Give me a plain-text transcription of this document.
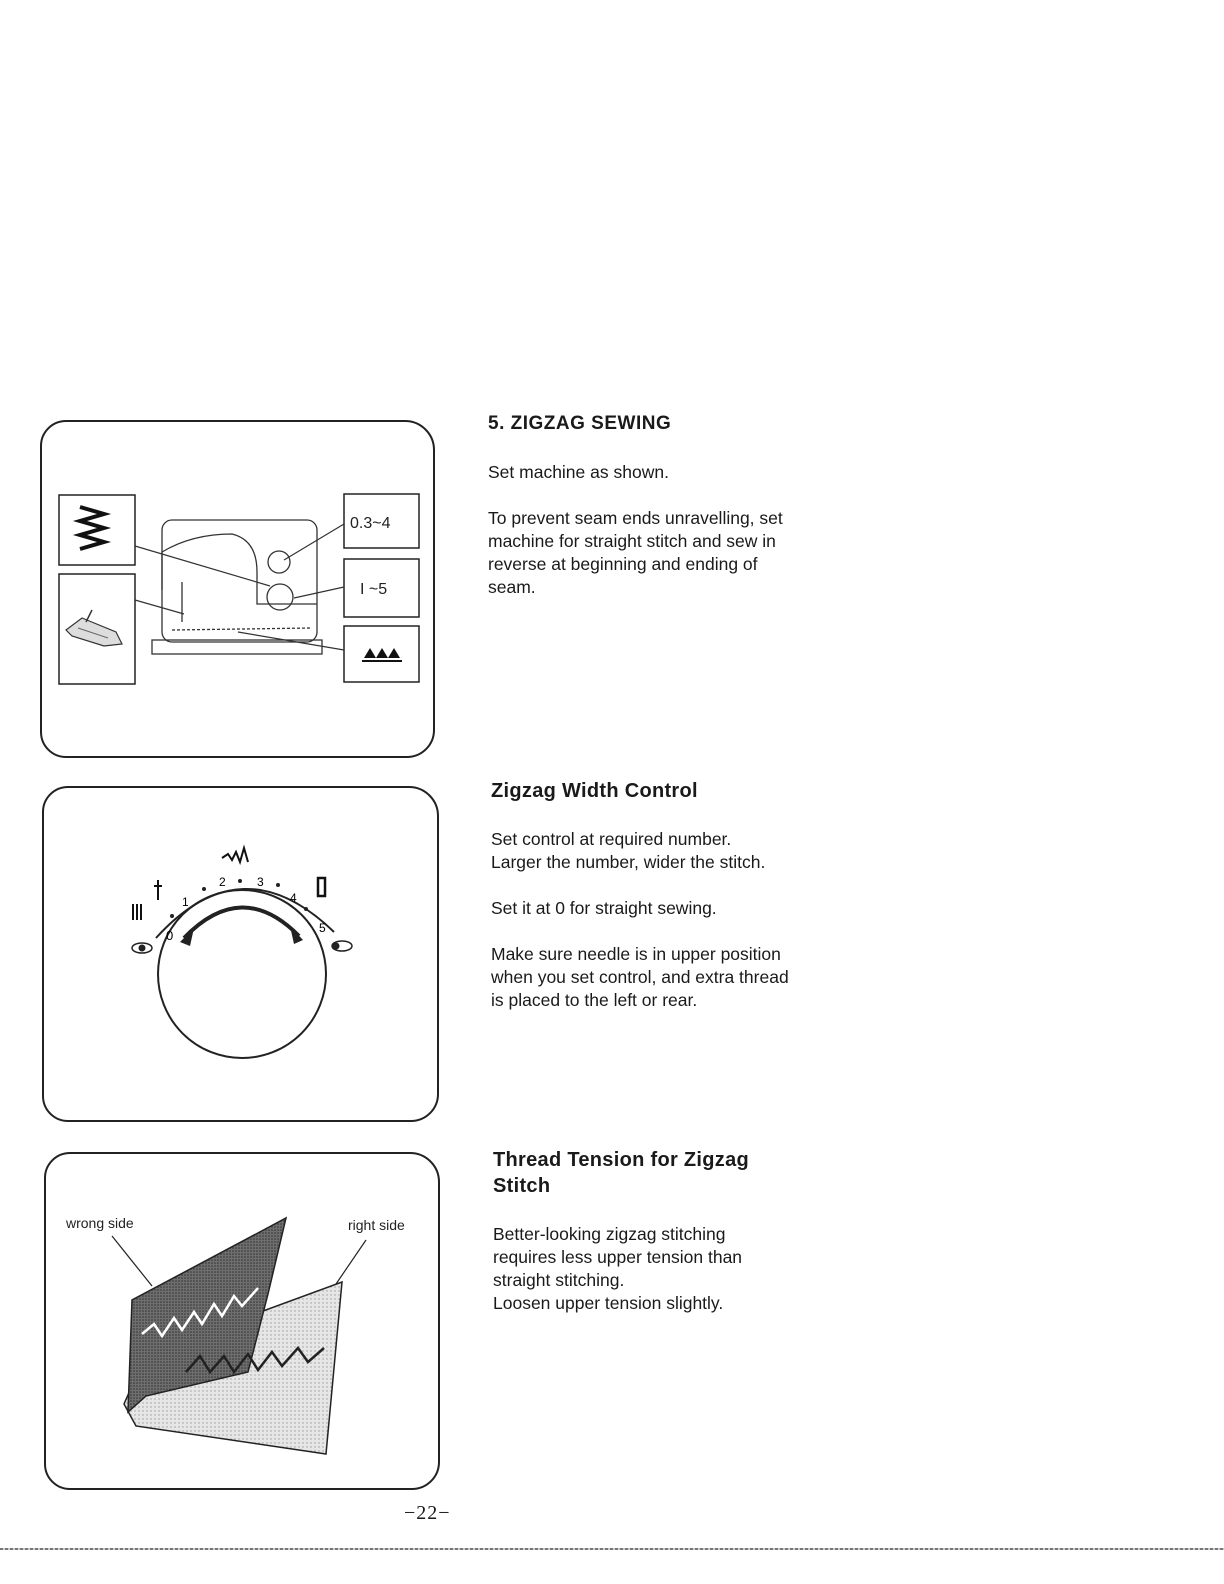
0.3~4
I ~5
5. ZIGZAG SEWING

Set machine as shown.

To prevent seam ends unravelling, set machine for straight stitch and sew in reverse at beginning and ending of seam.

0
1
2	3
4
5
Zigzag Width Control

Set control at required number.

Larger the number, wider the stitch.

Set it at 0 for straight sewing.

Make sure needle is in upper position when you set control, and extra thread is placed to the left or rear.

wrong side	right side
Thread Tension for Zigzag Stitch

Better-looking zigzag stitching requires less upper tension than straight stitching.

Loosen upper tension slightly.

−22−
